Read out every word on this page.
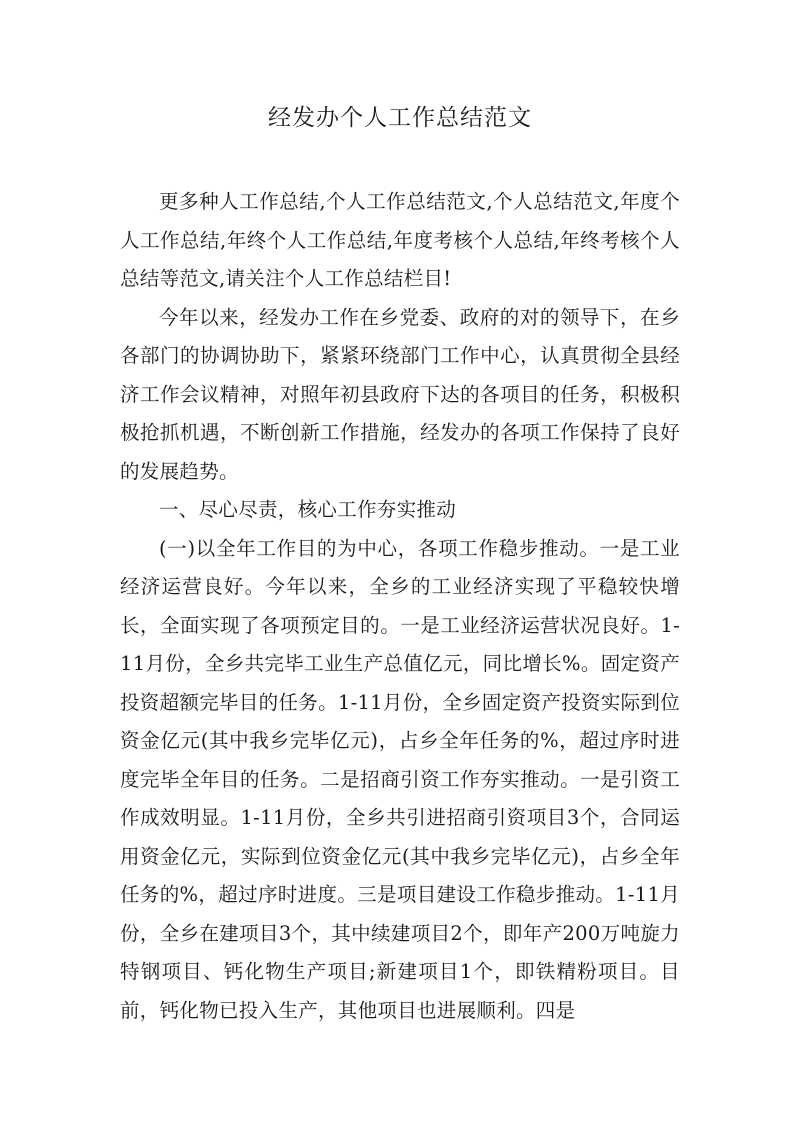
经发办个人工作总结范文

更多种人工作总结,个人工作总结范文,个人总结范文,年度个人工作总结,年终个人工作总结,年度考核个人总结,年终考核个人总结等范文,请关注个人工作总结栏目!

今年以来，经发办工作在乡党委、政府的对的领导下，在乡各部门的协调协助下，紧紧环绕部门工作中心，认真贯彻全县经济工作会议精神，对照年初县政府下达的各项目的任务，积极积极抢抓机遇，不断创新工作措施，经发办的各项工作保持了良好的发展趋势。

一、尽心尽责，核心工作夯实推动

(一)以全年工作目的为中心，各项工作稳步推动。一是工业经济运营良好。今年以来，全乡的工业经济实现了平稳较快增长，全面实现了各项预定目的。一是工业经济运营状况良好。1-11月份，全乡共完毕工业生产总值亿元，同比增长%。固定资产投资超额完毕目的任务。1-11月份，全乡固定资产投资实际到位资金亿元(其中我乡完毕亿元)，占乡全年任务的%，超过序时进度完毕全年目的任务。二是招商引资工作夯实推动。一是引资工作成效明显。1-11月份，全乡共引进招商引资项目3个，合同运用资金亿元，实际到位资金亿元(其中我乡完毕亿元)，占乡全年任务的%，超过序时进度。三是项目建设工作稳步推动。1-11月份，全乡在建项目3个，其中续建项目2个，即年产200万吨旋力特钢项目、钙化物生产项目;新建项目1个，即铁精粉项目。目前，钙化物已投入生产，其他项目也进展顺利。四是
